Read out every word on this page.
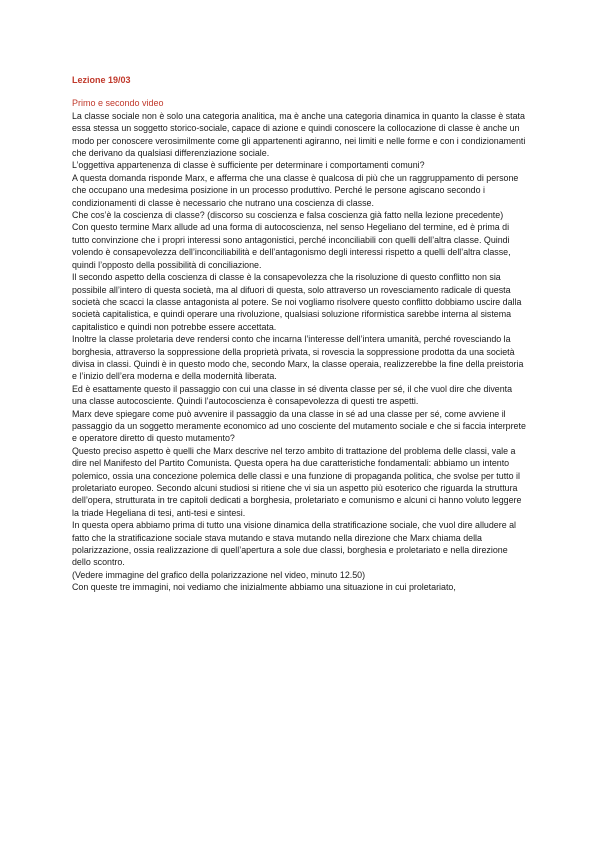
Lezione 19/03

Primo e secondo video

La classe sociale non è solo una categoria analitica, ma è anche una categoria dinamica in quanto la classe è stata essa stessa un soggetto storico-sociale, capace di azione e quindi conoscere la collocazione di classe è anche un modo per conoscere verosimilmente come gli appartenenti agiranno, nei limiti e nelle forme e con i condizionamenti che derivano da qualsiasi differenziazione sociale.

L’oggettiva appartenenza di classe è sufficiente per determinare i comportamenti comuni?

A questa domanda risponde Marx, e afferma che una classe è qualcosa di più che un raggruppamento di persone che occupano una medesima posizione in un processo produttivo. Perché le persone agiscano secondo i condizionamenti di classe è necessario che nutrano una coscienza di classe.

Che cos’è la coscienza di classe? (discorso su coscienza e falsa coscienza già fatto nella lezione precedente)

Con questo termine Marx allude ad una forma di autocoscienza, nel senso Hegeliano del termine, ed è prima di tutto convinzione che i propri interessi sono antagonistici, perché inconciliabili con quelli dell’altra classe. Quindi volendo è consapevolezza dell’inconciliabilità e dell’antagonismo degli interessi rispetto a quelli dell’altra classe, quindi l’opposto della possibilità di conciliazione.

Il secondo aspetto della coscienza di classe è la consapevolezza che la risoluzione di questo conflitto non sia possibile all’intero di questa società, ma al difuori di questa, solo attraverso un rovesciamento radicale di questa società che scacci la classe antagonista al potere. Se noi vogliamo risolvere questo conflitto dobbiamo uscire dalla società capitalistica, e quindi operare una rivoluzione, qualsiasi soluzione riformistica sarebbe interna al sistema capitalistico e quindi non potrebbe essere accettata.

Inoltre la classe proletaria deve rendersi conto che incarna l’interesse dell’intera umanità, perché rovesciando la borghesia, attraverso la soppressione della proprietà privata, si rovescia la soppressione prodotta da una società divisa in classi. Quindi è in questo modo che, secondo Marx, la classe operaia, realizzerebbe la fine della preistoria e l’inizio dell’era moderna e della modernità liberata.

Ed è esattamente questo il passaggio con cui una classe in sé diventa classe per sé, il che vuol dire che diventa una classe autocosciente. Quindi l’autocoscienza è consapevolezza di questi tre aspetti.

Marx deve spiegare come può avvenire il passaggio da una classe in sé ad una classe per sé, come avviene il passaggio da un soggetto meramente economico ad uno cosciente del mutamento sociale e che si faccia interprete e operatore diretto di questo mutamento?

Questo preciso aspetto è quelli che Marx descrive nel terzo ambito di trattazione del problema delle classi, vale a dire nel Manifesto del Partito Comunista. Questa opera ha due caratteristiche fondamentali: abbiamo un intento polemico, ossia una concezione polemica delle classi e una funzione di propaganda politica, che svolse per tutto il proletariato europeo. Secondo alcuni studiosi si ritiene che vi sia un aspetto più esoterico che riguarda la struttura dell’opera, strutturata in tre capitoli dedicati a borghesia, proletariato e comunismo e alcuni ci hanno voluto leggere la triade Hegeliana di tesi, anti-tesi e sintesi.

In questa opera abbiamo prima di tutto una visione dinamica della stratificazione sociale, che vuol dire alludere al fatto che la stratificazione sociale stava mutando e stava mutando nella direzione che Marx chiama della polarizzazione, ossia realizzazione di quell’apertura a sole due classi, borghesia e proletariato e nella direzione dello scontro.

(Vedere immagine del grafico della polarizzazione nel video, minuto 12.50)

Con queste tre immagini, noi vediamo che inizialmente abbiamo una situazione in cui proletariato,
